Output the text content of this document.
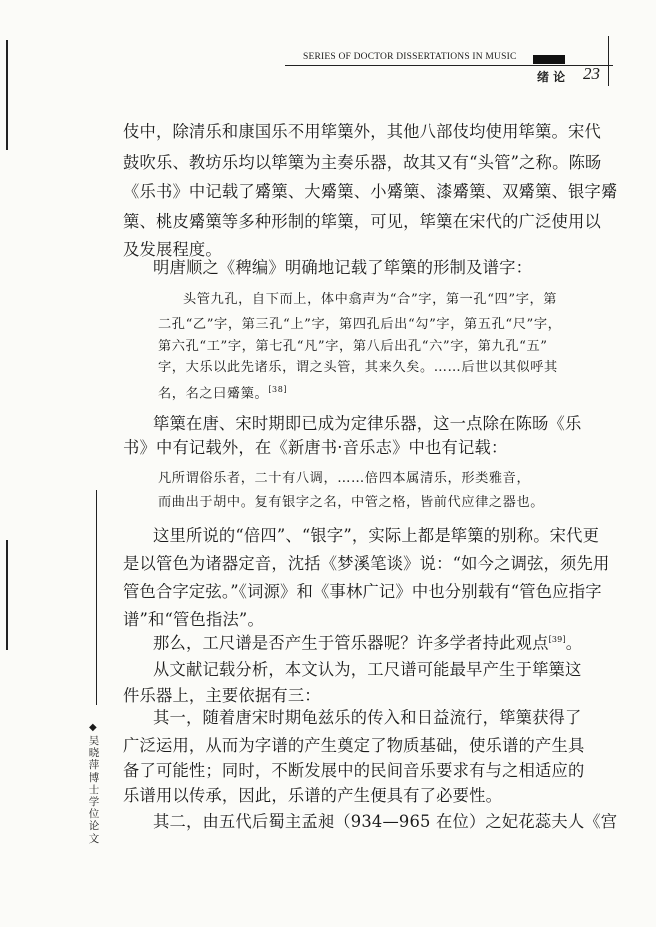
SERIES OF DOCTOR DISSERTATIONS IN MUSIC
绪 论 23
伎中，除清乐和康国乐不用筚篥外，其他八部伎均使用筚篥。宋代
鼓吹乐、教坊乐均以筚篥为主奏乐器，故其又有“头管”之称。陈旸
《乐书》中记载了觱篥、大觱篥、小觱篥、漆觱篥、双觱篥、银字觱
篥、桃皮觱篥等多种形制的筚篥，可见，筚篥在宋代的广泛使用以
及发展程度。
明唐顺之《稗编》明确地记载了筚篥的形制及谱字：
头管九孔，自下而上，体中翕声为“合”字，第一孔“四”字，第
二孔“乙”字，第三孔“上”字，第四孔后出“勾”字，第五孔“尺”字，
第六孔“工”字，第七孔“凡”字，第八后出孔“六”字，第九孔“五”
字，大乐以此先诸乐，谓之头管，其来久矣。……后世以其似呼其
名，名之曰觱篥。[38]
筚篥在唐、宋时期即已成为定律乐器，这一点除在陈旸《乐
书》中有记载外，在《新唐书·音乐志》中也有记载：
凡所谓俗乐者，二十有八调，……倍四本属清乐，形类雅音，
而曲出于胡中。复有银字之名，中管之格，皆前代应律之器也。
这里所说的“倍四”、“银字”，实际上都是筚篥的别称。宋代更
是以管色为诸器定音，沈括《梦溪笔谈》说：“如今之调弦，须先用
管色合字定弦。”《词源》和《事林广记》中也分别载有“管色应指字
谱”和“管色指法”。
那么，工尺谱是否产生于管乐器呢？许多学者持此观点[39]。
从文献记载分析，本文认为，工尺谱可能最早产生于筚篥这
件乐器上，主要依据有三：
其一，随着唐宋时期龟兹乐的传入和日益流行，筚篥获得了
广泛运用，从而为字谱的产生奠定了物质基础，使乐谱的产生具
备了可能性；同时，不断发展中的民间音乐要求有与之相适应的
乐谱用以传承，因此，乐谱的产生便具有了必要性。
其二，由五代后蜀主孟昶（934—965 在位）之妃花蕊夫人《宫
◆
吴晓萍博士学位论文
